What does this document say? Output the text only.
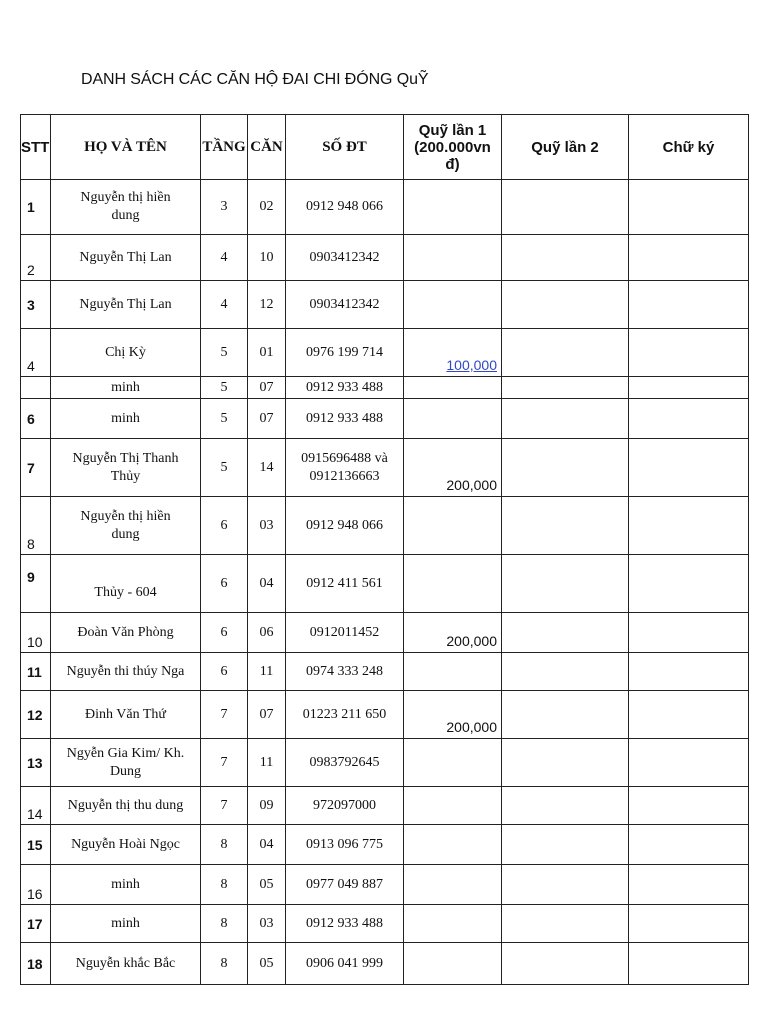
DANH SÁCH CÁC CĂN HỘ ĐAI CHI ĐÓNG QuỸ
STT	HỌ VÀ TÊN	TẦNG	CĂN	SỐ ĐT	Quỹ lần 1
(200.000vn
đ)	Quỹ lần 2	Chữ ký
1	Nguyễn thị hiền
dung	3	02	0912 948 066			
2	Nguyễn Thị Lan	4	10	0903412342			
3	Nguyễn Thị Lan	4	12	0903412342			
4	Chị Kỳ	5	01	0976 199 714	100,000		
	minh	5	07	0912 933 488			
6	minh	5	07	0912 933 488			
7	Nguyễn Thị Thanh
Thủy	5	14	0915696488 và
0912136663	200,000		
8	Nguyễn thị hiền
dung	6	03	0912 948 066			
9	Thủy - 604	6	04	0912 411 561			
10	Đoàn Văn Phòng	6	06	0912011452	200,000		
11	Nguyễn thi thúy Nga	6	11	0974 333 248			
12	Đinh Văn Thứ	7	07	01223 211 650	200,000		
13	Ngyễn Gia Kim/ Kh.
Dung	7	11	0983792645			
14	Nguyễn thị thu dung	7	09	972097000			
15	Nguyễn Hoài Ngọc	8	04	0913 096 775			
16	minh	8	05	0977 049 887			
17	minh	8	03	0912 933 488			
18	Nguyễn khắc Bắc	8	05	0906 041 999			
